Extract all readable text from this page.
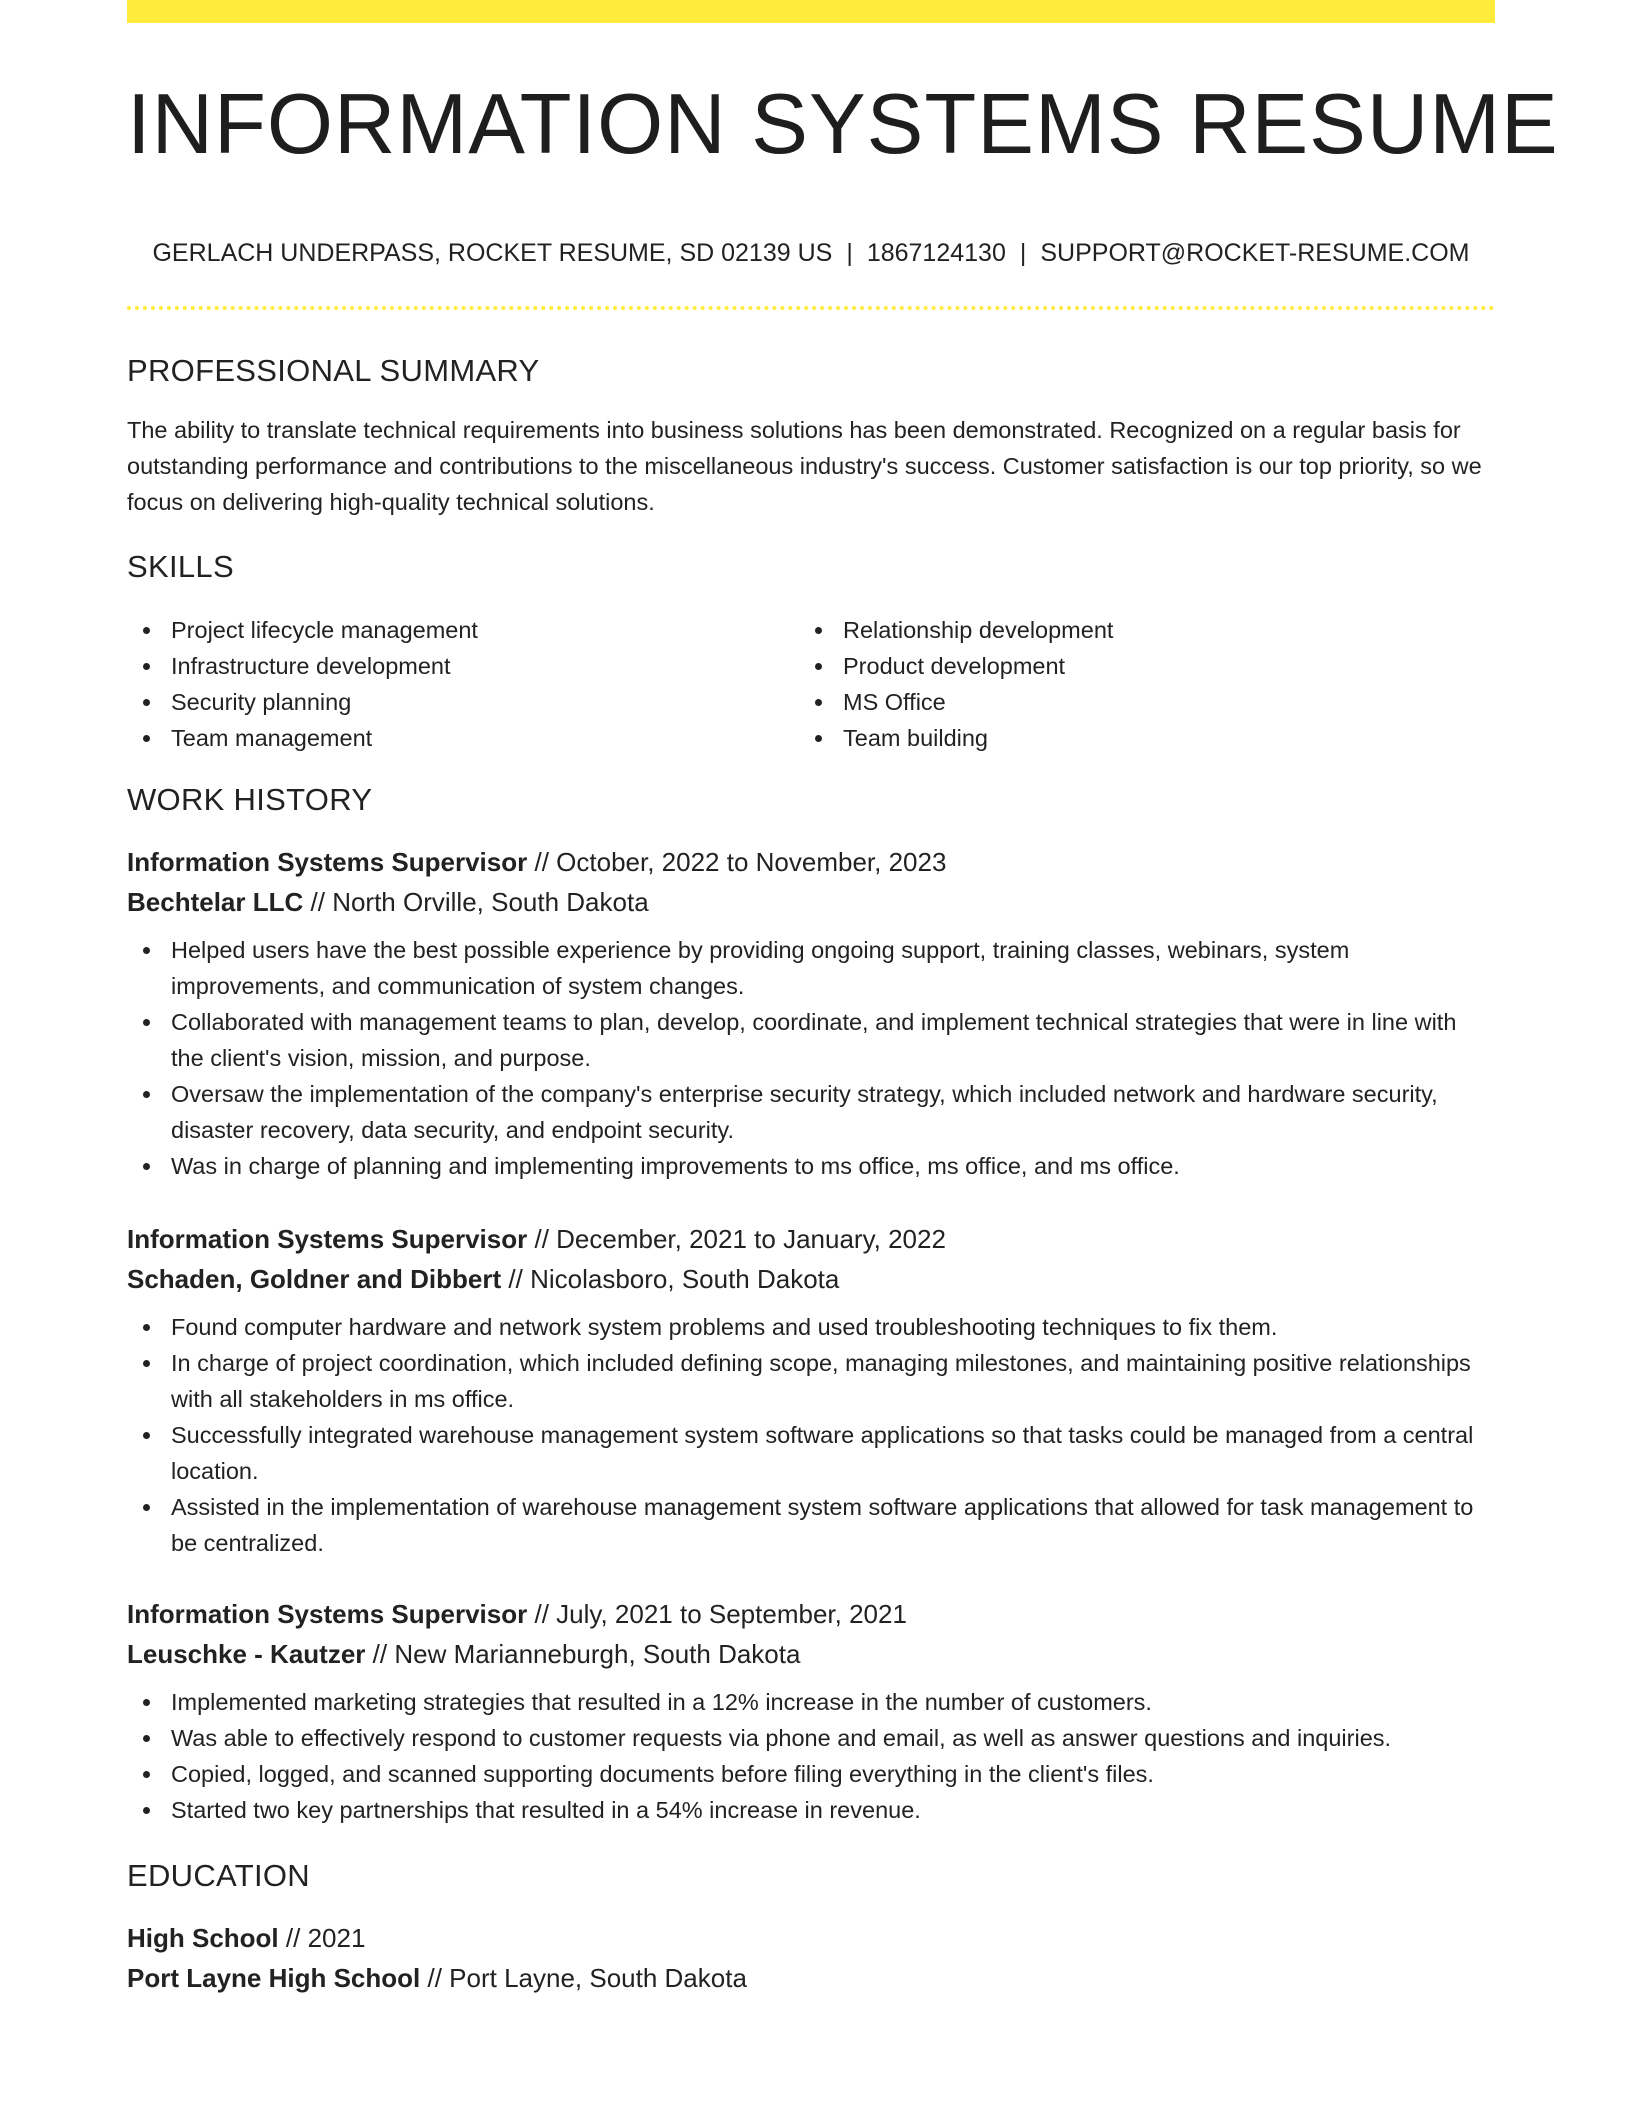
INFORMATION SYSTEMS RESUME
GERLACH UNDERPASS, ROCKET RESUME, SD 02139 US | 1867124130 | SUPPORT@ROCKET-RESUME.COM
PROFESSIONAL SUMMARY
The ability to translate technical requirements into business solutions has been demonstrated. Recognized on a regular basis for outstanding performance and contributions to the miscellaneous industry's success. Customer satisfaction is our top priority, so we focus on delivering high-quality technical solutions.
SKILLS
Project lifecycle management
Infrastructure development
Security planning
Team management
Relationship development
Product development
MS Office
Team building
WORK HISTORY
Information Systems Supervisor // October, 2022 to November, 2023
Bechtelar LLC // North Orville, South Dakota
Helped users have the best possible experience by providing ongoing support, training classes, webinars, system improvements, and communication of system changes.
Collaborated with management teams to plan, develop, coordinate, and implement technical strategies that were in line with the client's vision, mission, and purpose.
Oversaw the implementation of the company's enterprise security strategy, which included network and hardware security, disaster recovery, data security, and endpoint security.
Was in charge of planning and implementing improvements to ms office, ms office, and ms office.
Information Systems Supervisor // December, 2021 to January, 2022
Schaden, Goldner and Dibbert // Nicolasboro, South Dakota
Found computer hardware and network system problems and used troubleshooting techniques to fix them.
In charge of project coordination, which included defining scope, managing milestones, and maintaining positive relationships with all stakeholders in ms office.
Successfully integrated warehouse management system software applications so that tasks could be managed from a central location.
Assisted in the implementation of warehouse management system software applications that allowed for task management to be centralized.
Information Systems Supervisor // July, 2021 to September, 2021
Leuschke - Kautzer // New Marianneburgh, South Dakota
Implemented marketing strategies that resulted in a 12% increase in the number of customers.
Was able to effectively respond to customer requests via phone and email, as well as answer questions and inquiries.
Copied, logged, and scanned supporting documents before filing everything in the client's files.
Started two key partnerships that resulted in a 54% increase in revenue.
EDUCATION
High School // 2021
Port Layne High School // Port Layne, South Dakota
